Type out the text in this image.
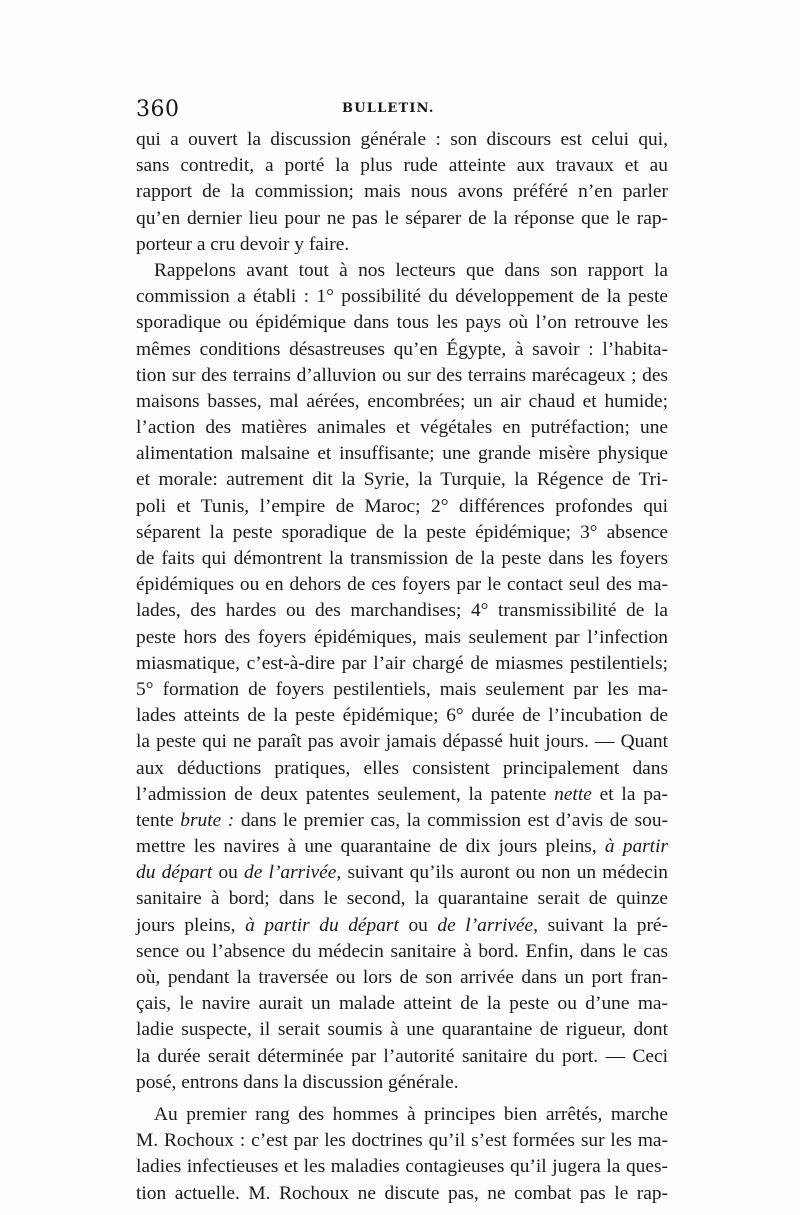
360	BULLETIN.
qui a ouvert la discussion générale : son discours est celui qui,
sans contredit, a porté la plus rude atteinte aux travaux et au
rapport de la commission; mais nous avons préféré n’en parler
qu’en dernier lieu pour ne pas le séparer de la réponse que le rap-
porteur a cru devoir y faire.
Rappelons avant tout à nos lecteurs que dans son rapport la
commission a établi : 1° possibilité du développement de la peste
sporadique ou épidémique dans tous les pays où l’on retrouve les
mêmes conditions désastreuses qu’en Égypte, à savoir : l’habita-
tion sur des terrains d’alluvion ou sur des terrains marécageux ; des
maisons basses, mal aérées, encombrées; un air chaud et humide;
l’action des matières animales et végétales en putréfaction; une
alimentation malsaine et insuffisante; une grande misère physique
et morale: autrement dit la Syrie, la Turquie, la Régence de Tri-
poli et Tunis, l’empire de Maroc; 2° différences profondes qui
séparent la peste sporadique de la peste épidémique; 3° absence
de faits qui démontrent la transmission de la peste dans les foyers
épidémiques ou en dehors de ces foyers par le contact seul des ma-
lades, des hardes ou des marchandises; 4° transmissibilité de la
peste hors des foyers épidémiques, mais seulement par l’infection
miasmatique, c’est-à-dire par l’air chargé de miasmes pestilentiels;
5° formation de foyers pestilentiels, mais seulement par les ma-
lades atteints de la peste épidémique; 6° durée de l’incubation de
la peste qui ne paraît pas avoir jamais dépassé huit jours. — Quant
aux déductions pratiques, elles consistent principalement dans
l’admission de deux patentes seulement, la patente nette et la pa-
tente brute : dans le premier cas, la commission est d’avis de sou-
mettre les navires à une quarantaine de dix jours pleins, à partir
du départ ou de l’arrivée, suivant qu’ils auront ou non un médecin
sanitaire à bord; dans le second, la quarantaine serait de quinze
jours pleins, à partir du départ ou de l’arrivée, suivant la pré-
sence ou l’absence du médecin sanitaire à bord. Enfin, dans le cas
où, pendant la traversée ou lors de son arrivée dans un port fran-
çais, le navire aurait un malade atteint de la peste ou d’une ma-
ladie suspecte, il serait soumis à une quarantaine de rigueur, dont
la durée serait déterminée par l’autorité sanitaire du port. — Ceci
posé, entrons dans la discussion générale.
Au premier rang des hommes à principes bien arrêtés, marche
M. Rochoux : c’est par les doctrines qu’il s’est formées sur les ma-
ladies infectieuses et les maladies contagieuses qu’il jugera la ques-
tion actuelle. M. Rochoux ne discute pas, ne combat pas le rap-
